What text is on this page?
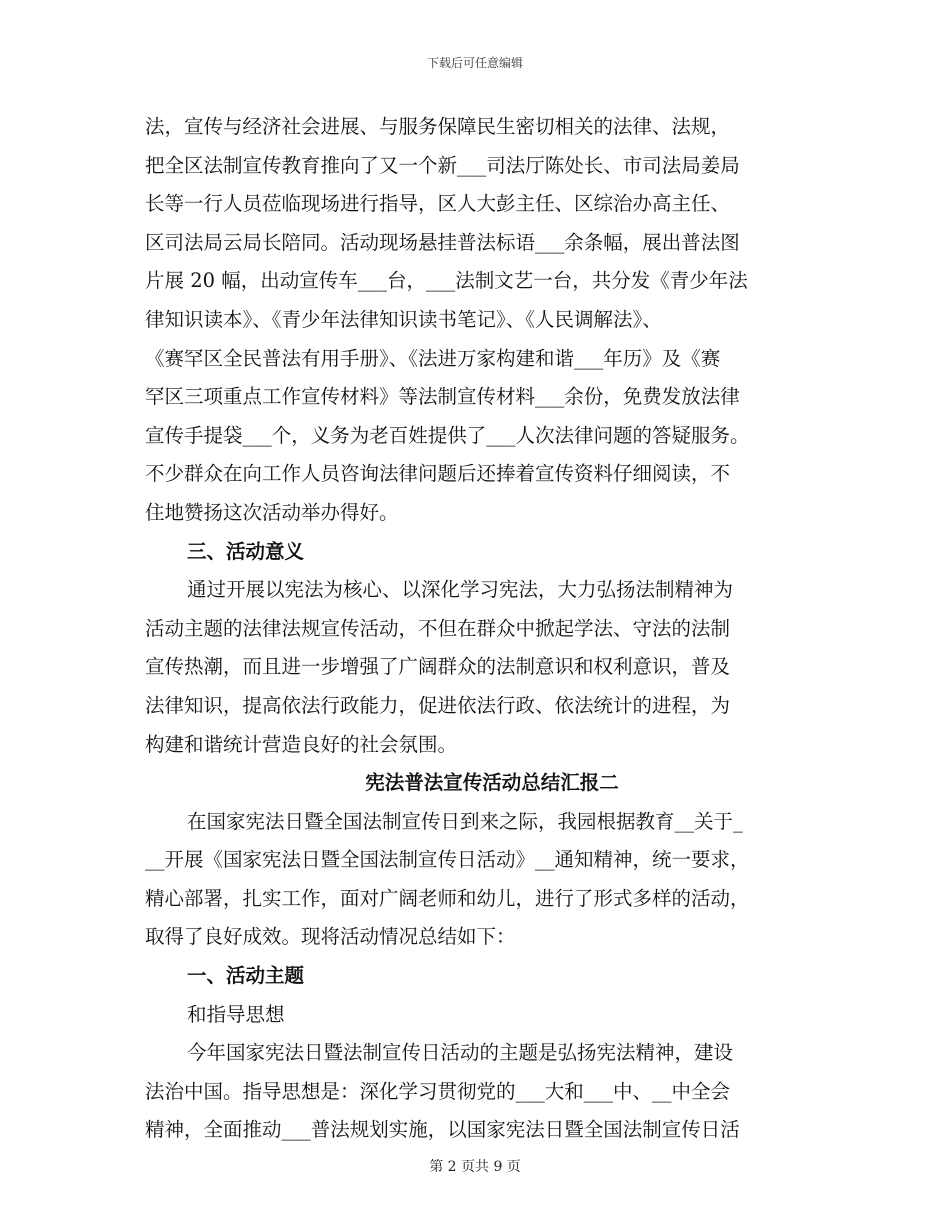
下载后可任意编辑
法，宣传与经济社会进展、与服务保障民生密切相关的法律、法规，
把全区法制宣传教育推向了又一个新___司法厅陈处长、市司法局姜局
长等一行人员莅临现场进行指导，区人大彭主任、区综治办高主任、
区司法局云局长陪同。活动现场悬挂普法标语___余条幅，展出普法图
片展 20 幅，出动宣传车___台，___法制文艺一台，共分发《青少年法
律知识读本》、《青少年法律知识读书笔记》、《人民调解法》、
《赛罕区全民普法有用手册》、《法进万家构建和谐___年历》及《赛
罕区三项重点工作宣传材料》等法制宣传材料___余份，免费发放法律
宣传手提袋___个，义务为老百姓提供了___人次法律问题的答疑服务。
不少群众在向工作人员咨询法律问题后还捧着宣传资料仔细阅读，不
住地赞扬这次活动举办得好。
三、活动意义
通过开展以宪法为核心、以深化学习宪法，大力弘扬法制精神为
活动主题的法律法规宣传活动，不但在群众中掀起学法、守法的法制
宣传热潮，而且进一步增强了广阔群众的法制意识和权利意识，普及
法律知识，提高依法行政能力，促进依法行政、依法统计的进程，为
构建和谐统计营造良好的社会氛围。
宪法普法宣传活动总结汇报二
在国家宪法日暨全国法制宣传日到来之际，我园根据教育__关于_
__开展《国家宪法日暨全国法制宣传日活动》__通知精神，统一要求，
精心部署，扎实工作，面对广阔老师和幼儿，进行了形式多样的活动，
取得了良好成效。现将活动情况总结如下：
一、活动主题
和指导思想
今年国家宪法日暨法制宣传日活动的主题是弘扬宪法精神，建设
法治中国。指导思想是：深化学习贯彻党的___大和___中、__中全会
精神，全面推动___普法规划实施，以国家宪法日暨全国法制宣传日活
第 2 页共 9 页
